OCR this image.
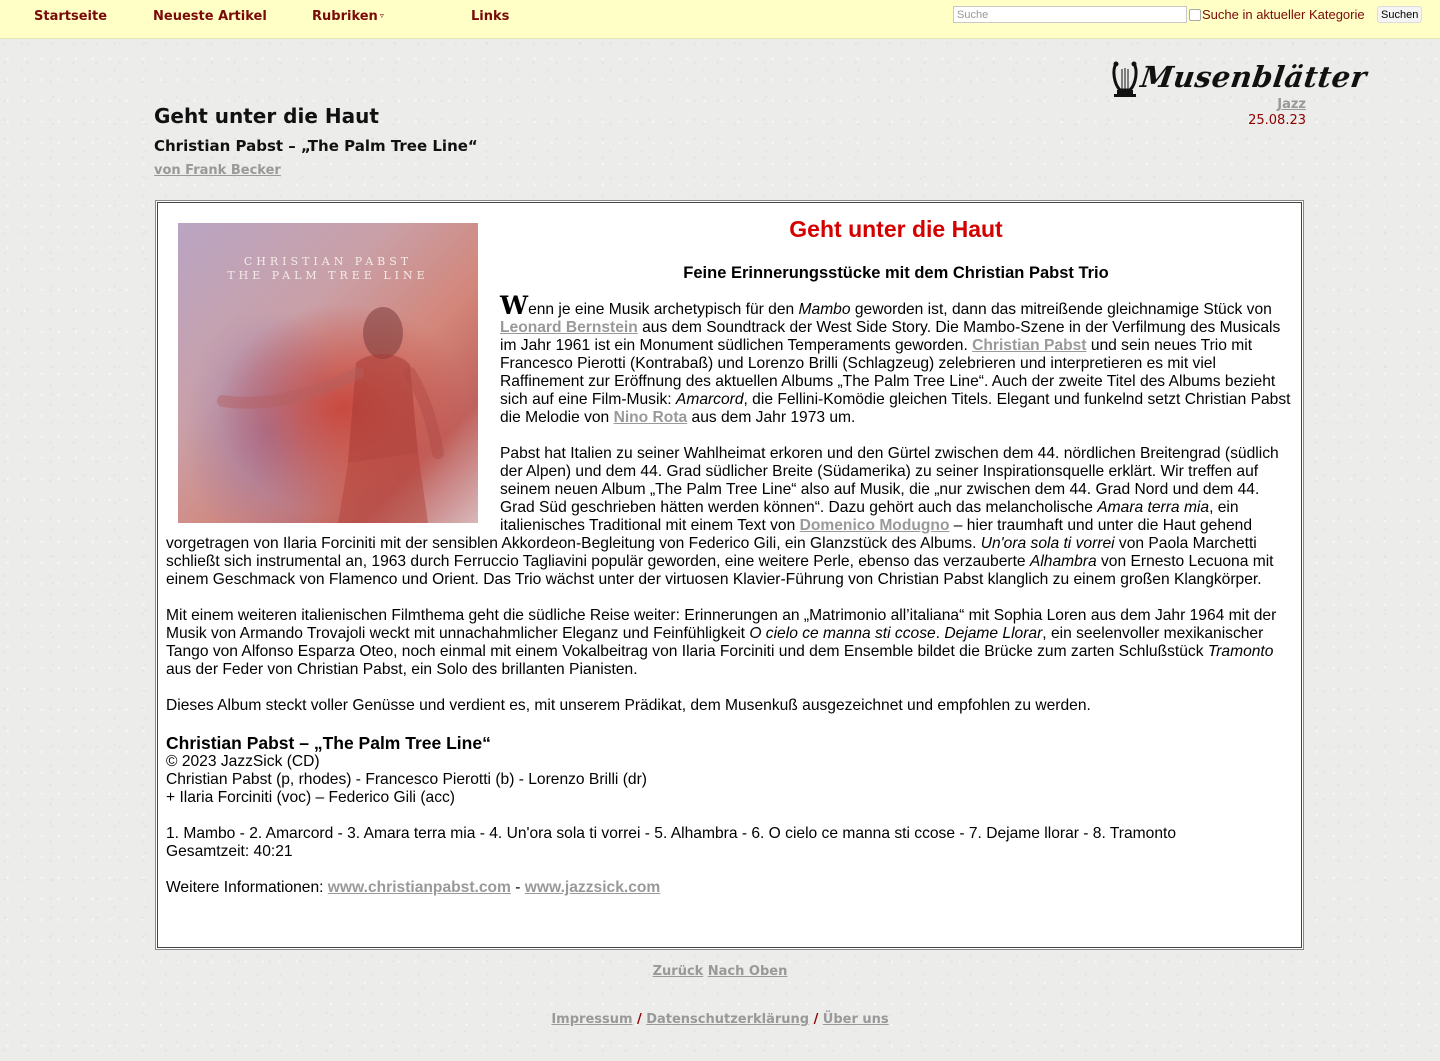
Startseite	Neueste Artikel	Rubriken ▿	Links
Suche	Suche in aktueller Kategorie	Suchen
Musenblätter
Jazz
25.08.23
Geht unter die Haut
Christian Pabst – „The Palm Tree Line“
von Frank Becker
CHRISTIAN PABST
THE PALM TREE LINE
Geht unter die Haut
Feine Erinnerungsstücke mit dem Christian Pabst Trio

Wenn je eine Musik archetypisch für den Mambo geworden ist, dann das mitreißende gleichnamige Stück von Leonard Bernstein aus dem Soundtrack der West Side Story. Die Mambo-Szene in der Verfilmung des Musicals im Jahr 1961 ist ein Monument südlichen Temperaments geworden. Christian Pabst und sein neues Trio mit Francesco Pierotti (Kontrabaß) und Lorenzo Brilli (Schlagzeug) zelebrieren und interpretieren es mit viel Raffinement zur Eröffnung des aktuellen Albums „The Palm Tree Line“. Auch der zweite Titel des Albums bezieht sich auf eine Film-Musik: Amarcord, die Fellini-Komödie gleichen Titels. Elegant und funkelnd setzt Christian Pabst die Melodie von Nino Rota aus dem Jahr 1973 um.

Pabst hat Italien zu seiner Wahlheimat erkoren und den Gürtel zwischen dem 44. nördlichen Breitengrad (südlich der Alpen) und dem 44. Grad südlicher Breite (Südamerika) zu seiner Inspirationsquelle erklärt. Wir treffen auf seinem neuen Album „The Palm Tree Line“ also auf Musik, die „nur zwischen dem 44. Grad Nord und dem 44. Grad Süd geschrieben hätten werden können“. Dazu gehört auch das melancholische Amara terra mia, ein italienisches Traditional mit einem Text von Domenico Modugno – hier traumhaft und unter die Haut gehend vorgetragen von Ilaria Forciniti mit der sensiblen Akkordeon-Begleitung von Federico Gili, ein Glanzstück des Albums. Un'ora sola ti vorrei von Paola Marchetti schließt sich instrumental an, 1963 durch Ferruccio Tagliavini populär geworden, eine weitere Perle, ebenso das verzauberte Alhambra von Ernesto Lecuona mit einem Geschmack von Flamenco und Orient. Das Trio wächst unter der virtuosen Klavier-Führung von Christian Pabst klanglich zu einem großen Klangkörper.

Mit einem weiteren italienischen Filmthema geht die südliche Reise weiter: Erinnerungen an „Matrimonio all’italiana“ mit Sophia Loren aus dem Jahr 1964 mit der Musik von Armando Trovajoli weckt mit unnachahmlicher Eleganz und Feinfühligkeit O cielo ce manna sti ccose. Dejame Llorar, ein seelenvoller mexikanischer Tango von Alfonso Esparza Oteo, noch einmal mit einem Vokalbeitrag von Ilaria Forciniti und dem Ensemble bildet die Brücke zum zarten Schlußstück Tramonto aus der Feder von Christian Pabst, ein Solo des brillanten Pianisten.

Dieses Album steckt voller Genüsse und verdient es, mit unserem Prädikat, dem Musenkuß ausgezeichnet und empfohlen zu werden.

Christian Pabst – „The Palm Tree Line“

© 2023 JazzSick (CD)
Christian Pabst (p, rhodes) - Francesco Pierotti (b) - Lorenzo Brilli (dr)
+ Ilaria Forciniti (voc) – Federico Gili (acc)
1. Mambo - 2. Amarcord - 3. Amara terra mia - 4. Un'ora sola ti vorrei - 5. Alhambra - 6. O cielo ce manna sti ccose - 7. Dejame llorar - 8. Tramonto
Gesamtzeit: 40:21
Weitere Informationen: www.christianpabst.com - www.jazzsick.com
Zurück Nach Oben
Impressum / Datenschutzerklärung / Über uns
